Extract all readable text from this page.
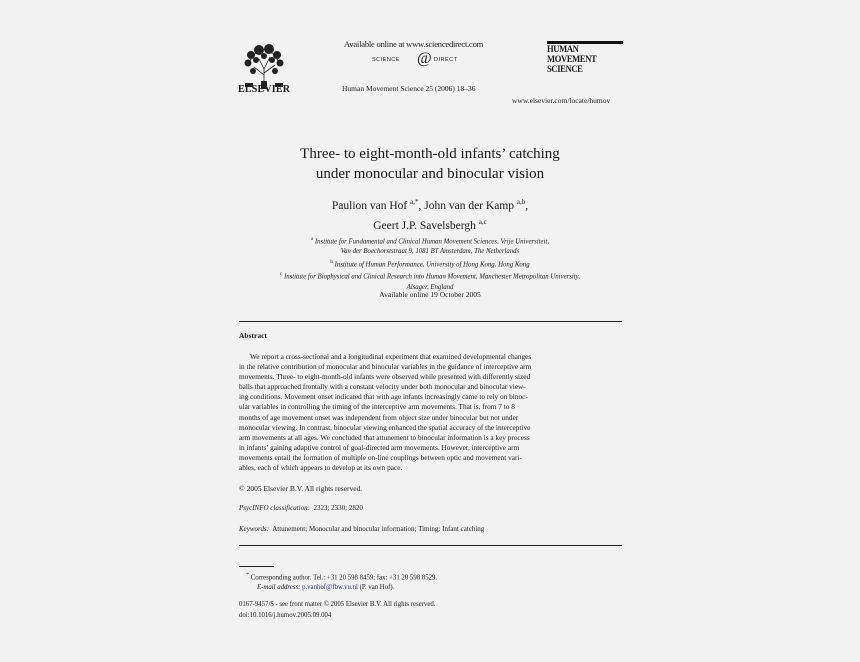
ELSEVIER
Available online at www.sciencedirect.com
SCIENCE @ DIRECT
Human Movement Science 25 (2006) 18–36
HUMAN
MOVEMENT
SCIENCE
www.elsevier.com/locate/humov
Three- to eight-month-old infants’ catching
under monocular and binocular vision
Paulion van Hof $^{a,*}$, John van der Kamp $^{a,b}$,
Geert J.P. Savelsbergh $^{a,c}$
$^a$ Institute for Fundamental and Clinical Human Movement Sciences, Vrije Universiteit,
Van der Boechorststraat 9, 1081 BT Amsterdam, The Netherlands
$^b$ Institute of Human Performance, University of Hong Kong, Hong Kong
$^c$ Institute for Biophysical and Clinical Research into Human Movement, Manchester Metropolitan University,
Alsager, England
Available online 19 October 2005
Abstract
We report a cross-sectional and a longitudinal experiment that examined developmental changes
in the relative contribution of monocular and binocular variables in the guidance of interceptive arm
movements. Three- to eight-month-old infants were observed while presented with differently sized
balls that approached frontally with a constant velocity under both monocular and binocular view-
ing conditions. Movement onset indicated that with age infants increasingly came to rely on binoc-
ular variables in controlling the timing of the interceptive arm movements. That is, from 7 to 8
months of age movement onset was independent from object size under binocular but not under
monocular viewing. In contrast, binocular viewing enhanced the spatial accuracy of the interceptive
arm movements at all ages. We concluded that attunement to binocular information is a key process
in infants’ gaining adaptive control of goal-directed arm movements. However, interceptive arm
movements entail the formation of multiple on-line couplings between optic and movement vari-
ables, each of which appears to develop at its own pace.
© 2005 Elsevier B.V. All rights reserved.
PsycINFO classification: 2323; 2330; 2820
Keywords: Attunement; Monocular and binocular information; Timing; Infant catching
* Corresponding author. Tel.: +31 20 598 8459; fax: +31 20 598 8529.
E-mail address: p.vanhof@fbw.vu.nl (P. van Hof).
0167-9457/$ - see front matter © 2005 Elsevier B.V. All rights reserved.
doi:10.1016/j.humov.2005.09.004
